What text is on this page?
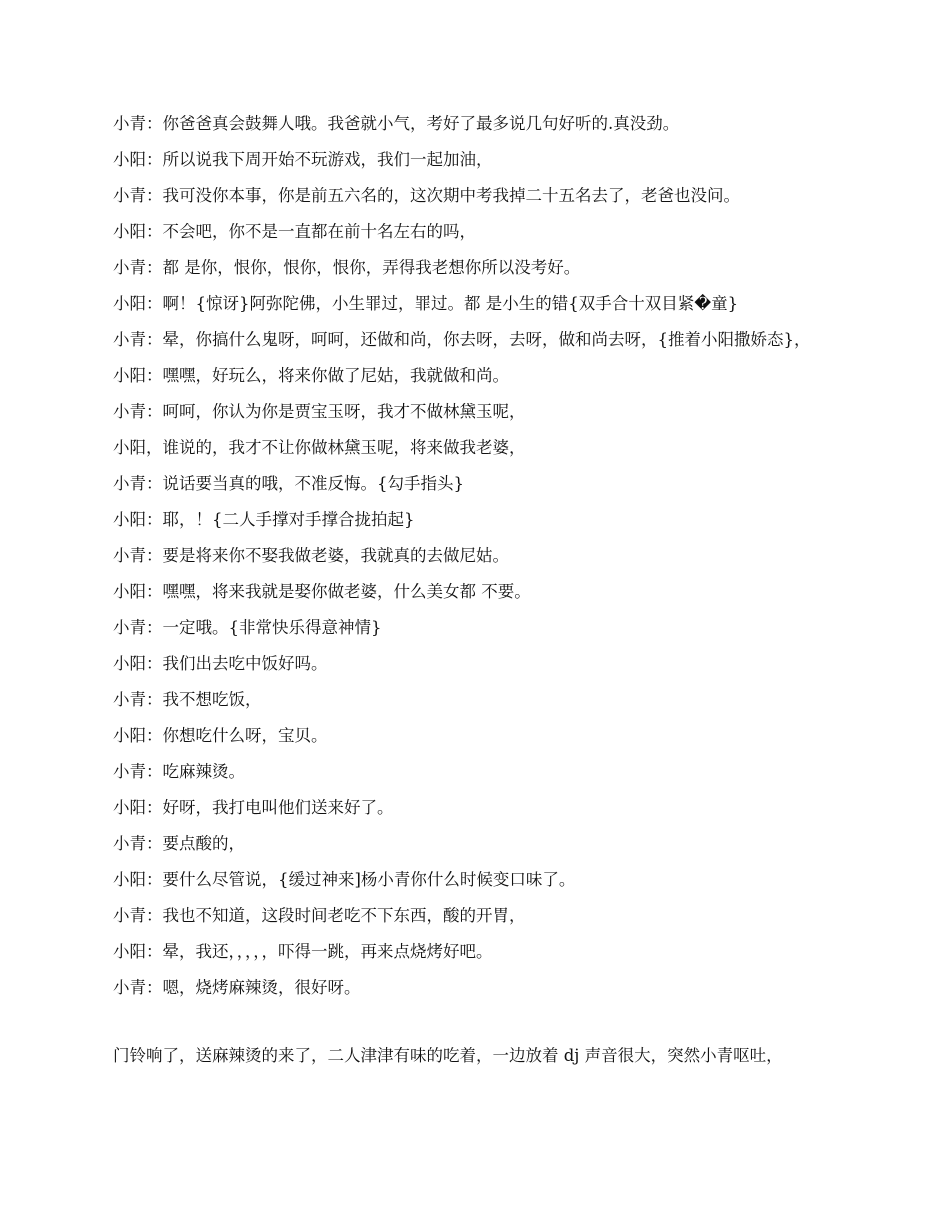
小青：你爸爸真会鼓舞人哦。我爸就小气，考好了最多说几句好听的.真没劲。

小阳：所以说我下周开始不玩游戏，我们一起加油，

小青：我可没你本事，你是前五六名的，这次期中考我掉二十五名去了，老爸也没问。

小阳：不会吧，你不是一直都在前十名左右的吗，

小青：都 是你，恨你，恨你，恨你，弄得我老想你所以没考好。

小阳：啊！{惊讶}阿弥陀佛，小生罪过，罪过。都 是小生的错{双手合十双目紧�童}

小青：晕，你搞什么鬼呀，呵呵，还做和尚，你去呀，去呀，做和尚去呀，{推着小阳撒娇态}，

小阳：嘿嘿，好玩么，将来你做了尼姑，我就做和尚。

小青：呵呵，你认为你是贾宝玉呀，我才不做林黛玉呢，

小阳，谁说的，我才不让你做林黛玉呢，将来做我老婆，

小青：说话要当真的哦，不准反悔。{勾手指头}

小阳：耶，！{二人手撑对手撑合拢拍起}

小青：要是将来你不娶我做老婆，我就真的去做尼姑。

小阳：嘿嘿，将来我就是娶你做老婆，什么美女都 不要。

小青：一定哦。{非常快乐得意神情}

小阳：我们出去吃中饭好吗。

小青：我不想吃饭，

小阳：你想吃什么呀，宝贝。

小青：吃麻辣烫。

小阳：好呀，我打电叫他们送来好了。

小青：要点酸的，

小阳：要什么尽管说，{缓过神来]杨小青你什么时候变口味了。

小青：我也不知道，这段时间老吃不下东西，酸的开胃，

小阳：晕，我还，，，，，吓得一跳，再来点烧烤好吧。

小青：嗯，烧烤麻辣烫，很好呀。

门铃响了，送麻辣烫的来了，二人津津有味的吃着，一边放着 dj 声音很大，突然小青呕吐，
